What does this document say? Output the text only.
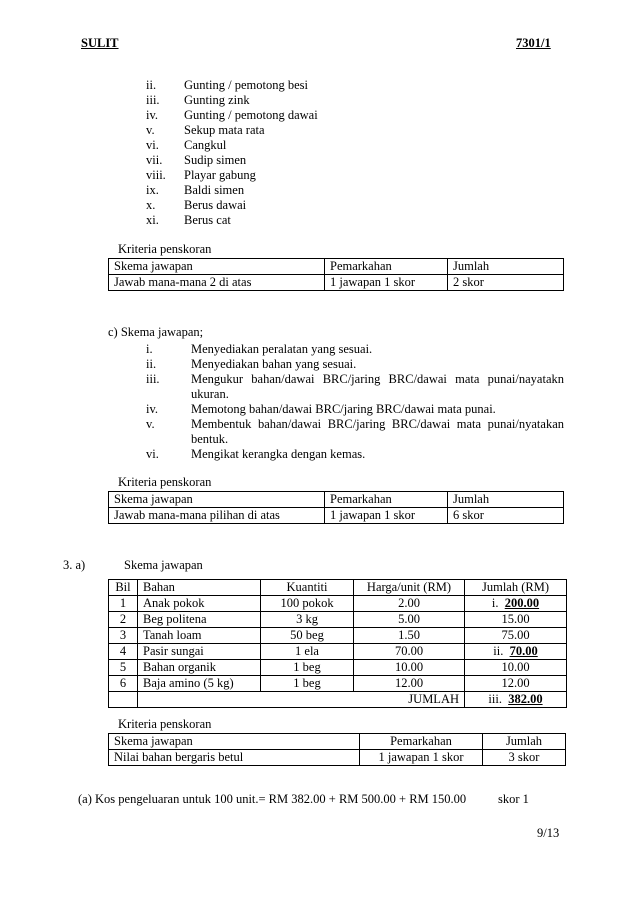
SULIT	7301/1
ii. Gunting / pemotong besi
iii. Gunting zink
iv. Gunting / pemotong dawai
v. Sekup mata rata
vi. Cangkul
vii. Sudip simen
viii. Playar gabung
ix. Baldi simen
x. Berus dawai
xi. Berus cat
Kriteria penskoran
Skema jawapan	Pemarkahan	Jumlah
Jawab mana-mana 2 di atas	1 jawapan 1 skor	2 skor
c) Skema jawapan;
i.	Menyediakan peralatan yang sesuai.
ii.	Menyediakan bahan yang sesuai.
iii.	Mengukur bahan/dawai BRC/jaring BRC/dawai mata punai/nayatakn ukuran.
iv.	Memotong bahan/dawai BRC/jaring BRC/dawai mata punai.
v.	Membentuk bahan/dawai BRC/jaring BRC/dawai mata punai/nyatakan bentuk.
vi.	Mengikat kerangka dengan kemas.
Kriteria penskoran
Skema jawapan	Pemarkahan	Jumlah
Jawab mana-mana pilihan di atas	1 jawapan 1 skor	6 skor
3. a)	Skema jawapan
Bil	Bahan	Kuantiti	Harga/unit (RM)	Jumlah (RM)
1	Anak pokok	100 pokok	2.00	i. 200.00
2	Beg politena	3 kg	5.00	15.00
3	Tanah loam	50 beg	1.50	75.00
4	Pasir sungai	1 ela	70.00	ii. 70.00
5	Bahan organik	1 beg	10.00	10.00
6	Baja amino (5 kg)	1 beg	12.00	12.00
	JUMLAH			iii. 382.00
Kriteria penskoran
Skema jawapan	Pemarkahan	Jumlah
Nilai bahan bergaris betul	1 jawapan 1 skor	3 skor
(a) Kos pengeluaran untuk 100 unit.= RM 382.00 + RM 500.00 + RM 150.00	skor 1
9/13
